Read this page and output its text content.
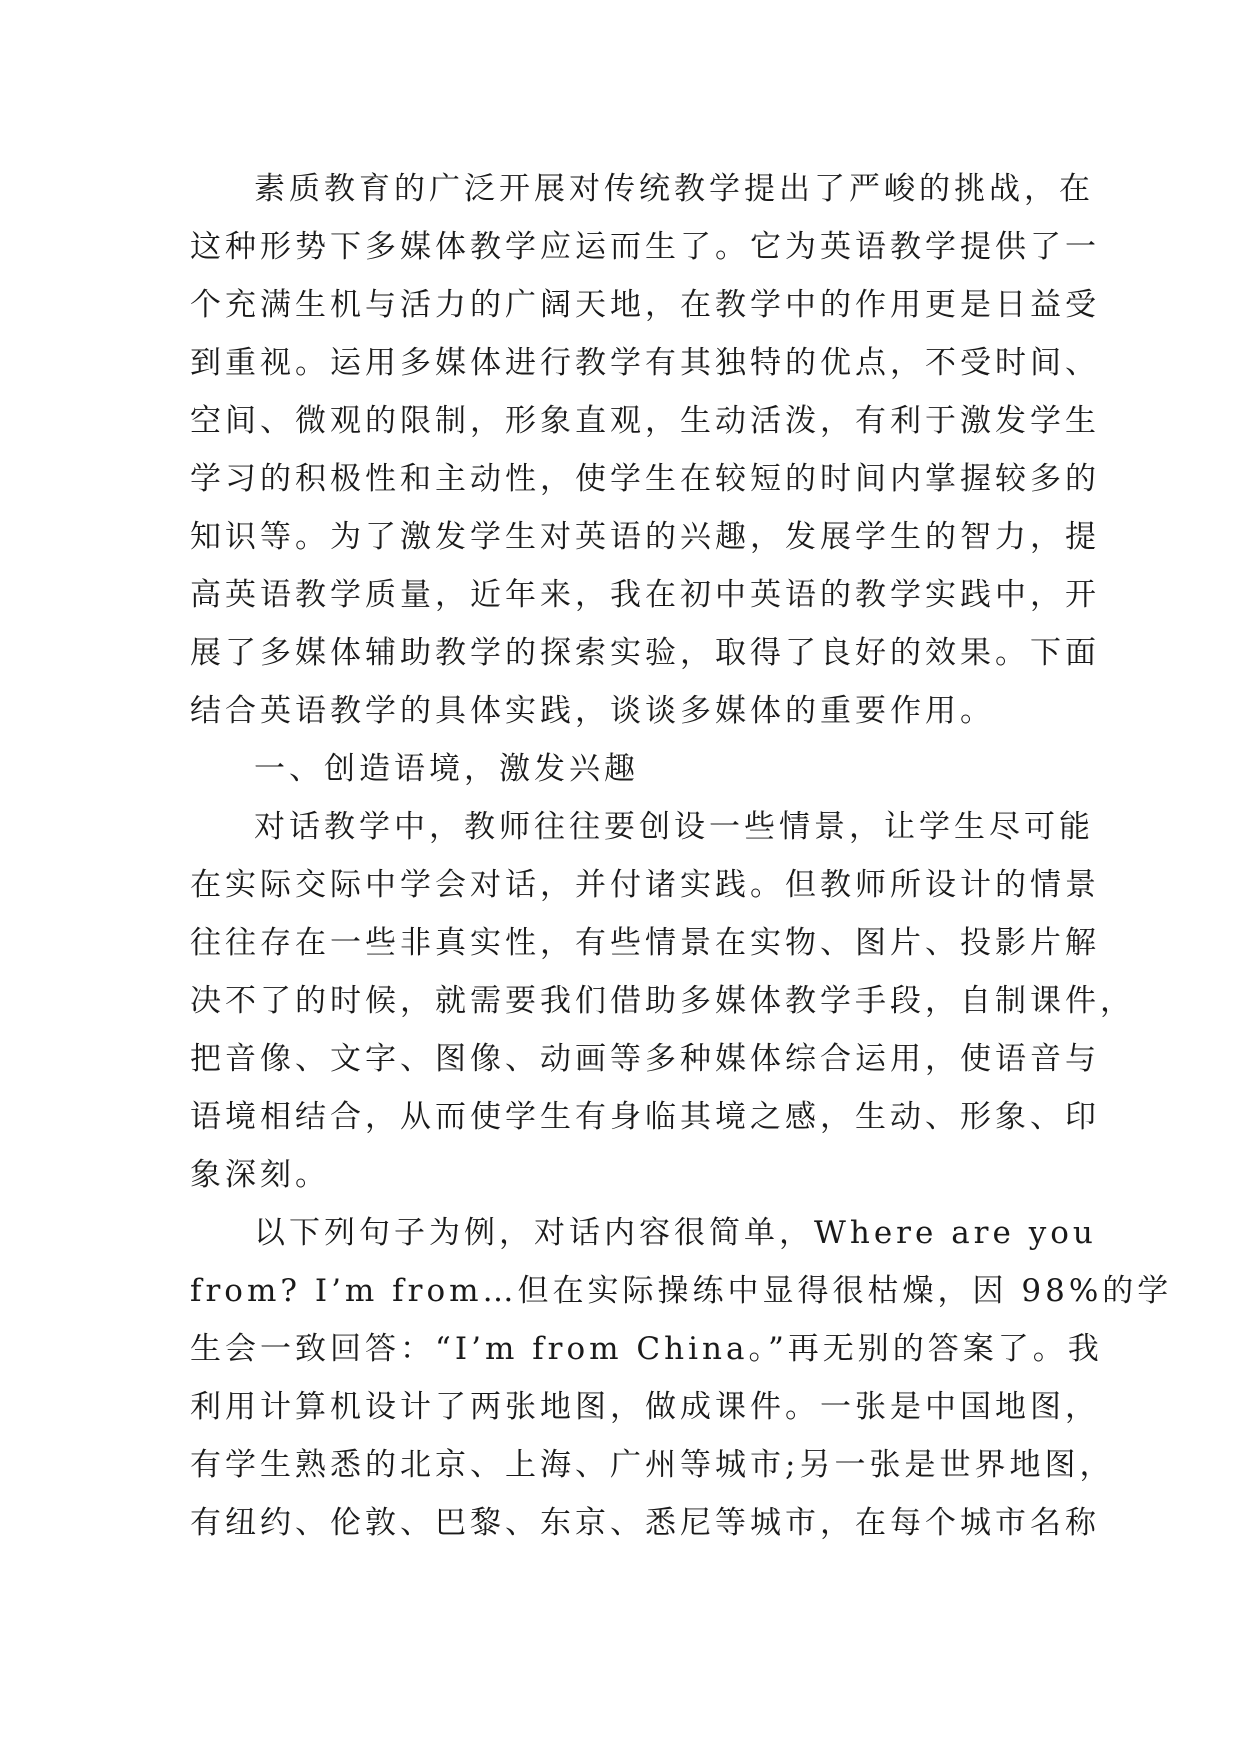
素质教育的广泛开展对传统教学提出了严峻的挑战，在
这种形势下多媒体教学应运而生了。它为英语教学提供了一
个充满生机与活力的广阔天地，在教学中的作用更是日益受
到重视。运用多媒体进行教学有其独特的优点，不受时间、
空间、微观的限制，形象直观，生动活泼，有利于激发学生
学习的积极性和主动性，使学生在较短的时间内掌握较多的
知识等。为了激发学生对英语的兴趣，发展学生的智力，提
高英语教学质量，近年来，我在初中英语的教学实践中，开
展了多媒体辅助教学的探索实验，取得了良好的效果。下面
结合英语教学的具体实践，谈谈多媒体的重要作用。
一、创造语境，激发兴趣
对话教学中，教师往往要创设一些情景，让学生尽可能
在实际交际中学会对话，并付诸实践。但教师所设计的情景
往往存在一些非真实性，有些情景在实物、图片、投影片解
决不了的时候，就需要我们借助多媒体教学手段，自制课件，
把音像、文字、图像、动画等多种媒体综合运用，使语音与
语境相结合，从而使学生有身临其境之感，生动、形象、印
象深刻。
以下列句子为例，对话内容很简单，Where are you
from? I’m from…但在实际操练中显得很枯燥，因 98%的学
生会一致回答：“I’m from China。”再无别的答案了。我
利用计算机设计了两张地图，做成课件。一张是中国地图，
有学生熟悉的北京、上海、广州等城市;另一张是世界地图，
有纽约、伦敦、巴黎、东京、悉尼等城市，在每个城市名称
